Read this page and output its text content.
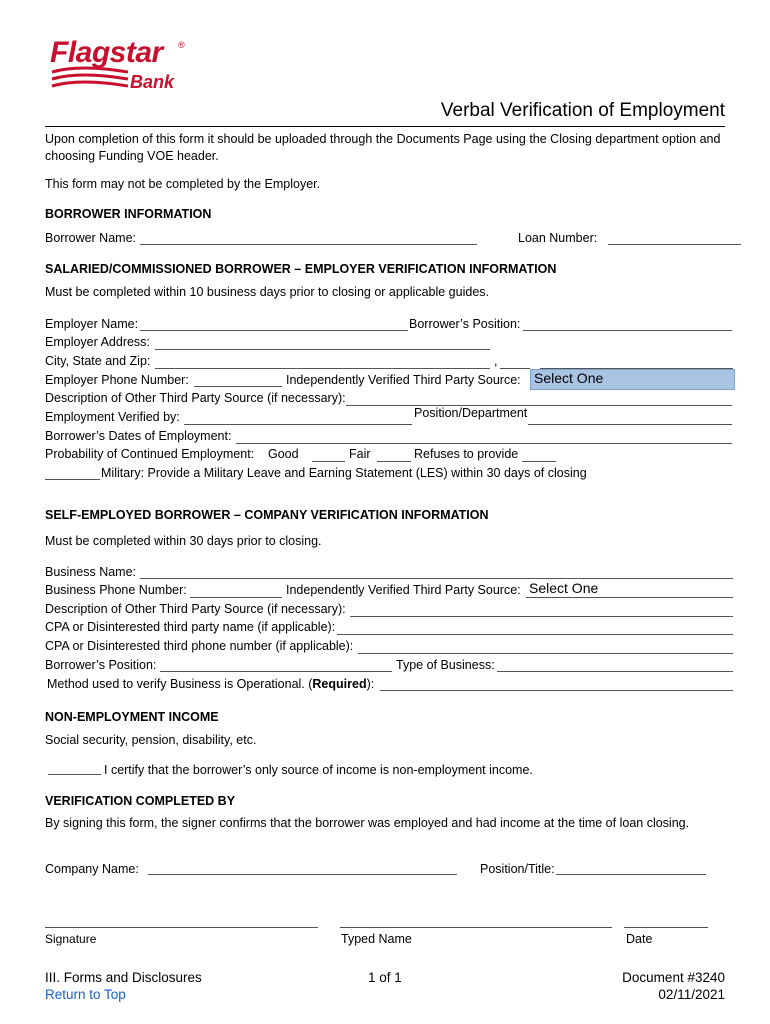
Flagstar ®
Bank
Verbal Verification of Employment
Upon completion of this form it should be uploaded through the Documents Page using the Closing department option and
choosing Funding VOE header.
This form may not be completed by the Employer.
BORROWER INFORMATION
Borrower Name:	Loan Number:
SALARIED/COMMISSIONED BORROWER – EMPLOYER VERIFICATION INFORMATION
Must be completed within 10 business days prior to closing or applicable guides.
Employer Name:	Borrower’s Position:
Employer Address:
City, State and Zip:	,
Employer Phone Number:	Independently Verified Third Party Source: Select One
Description of Other Third Party Source (if necessary):
Employment Verified by:	Position/Department
Borrower’s Dates of Employment:
Probability of Continued Employment: Good	Fair	Refuses to provide
Military: Provide a Military Leave and Earning Statement (LES) within 30 days of closing
SELF-EMPLOYED BORROWER – COMPANY VERIFICATION INFORMATION
Must be completed within 30 days prior to closing.
Business Name:
Business Phone Number:	Independently Verified Third Party Source: Select One
Description of Other Third Party Source (if necessary):
CPA or Disinterested third party name (if applicable):
CPA or Disinterested third phone number (if applicable):
Borrower’s Position:	Type of Business:
Method used to verify Business is Operational. (Required):
NON-EMPLOYMENT INCOME
Social security, pension, disability, etc.
I certify that the borrower’s only source of income is non-employment income.
VERIFICATION COMPLETED BY
By signing this form, the signer confirms that the borrower was employed and had income at the time of loan closing.
Company Name:	Position/Title:
Signature	Typed Name	Date
III. Forms and Disclosures
Return to Top
1 of 1	Document #3240
02/11/2021
